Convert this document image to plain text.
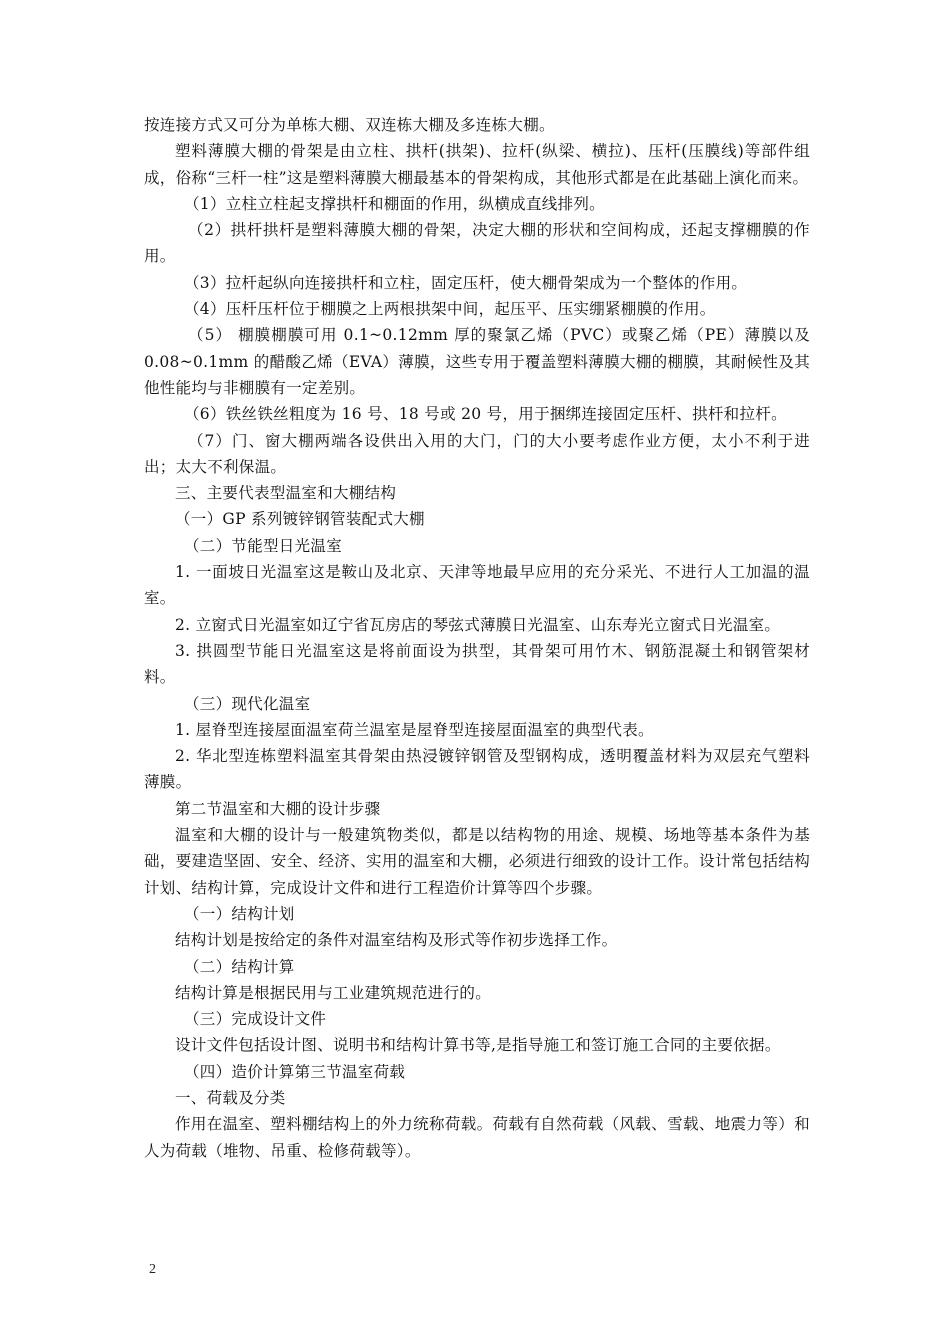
按连接方式又可分为单栋大棚、双连栋大棚及多连栋大棚。

塑料薄膜大棚的骨架是由立柱、拱杆(拱架)、拉杆(纵梁、横拉)、压杆(压膜线)等部件组成，俗称“三杆一柱”这是塑料薄膜大棚最基本的骨架构成，其他形式都是在此基础上演化而来。

（1）立柱立柱起支撑拱杆和棚面的作用，纵横成直线排列。

（2）拱杆拱杆是塑料薄膜大棚的骨架，决定大棚的形状和空间构成，还起支撑棚膜的作用。

（3）拉杆起纵向连接拱杆和立柱，固定压杆，使大棚骨架成为一个整体的作用。

（4）压杆压杆位于棚膜之上两根拱架中间，起压平、压实绷紧棚膜的作用。

（5） 棚膜棚膜可用 0.1~0.12mm 厚的聚氯乙烯（PVC）或聚乙烯（PE）薄膜以及 0.08~0.1mm 的醋酸乙烯（EVA）薄膜，这些专用于覆盖塑料薄膜大棚的棚膜，其耐候性及其他性能均与非棚膜有一定差别。

（6）铁丝铁丝粗度为 16 号、18 号或 20 号，用于捆绑连接固定压杆、拱杆和拉杆。

（7）门、窗大棚两端各设供出入用的大门，门的大小要考虑作业方便，太小不利于进出；太大不利保温。

三、主要代表型温室和大棚结构

（一）GP 系列镀锌钢管装配式大棚

（二）节能型日光温室

1. 一面坡日光温室这是鞍山及北京、天津等地最早应用的充分采光、不进行人工加温的温室。

2. 立窗式日光温室如辽宁省瓦房店的琴弦式薄膜日光温室、山东寿光立窗式日光温室。

3. 拱圆型节能日光温室这是将前面设为拱型，其骨架可用竹木、钢筋混凝土和钢管架材料。

（三）现代化温室

1. 屋脊型连接屋面温室荷兰温室是屋脊型连接屋面温室的典型代表。

2. 华北型连栋塑料温室其骨架由热浸镀锌钢管及型钢构成，透明覆盖材料为双层充气塑料薄膜。

第二节温室和大棚的设计步骤

温室和大棚的设计与一般建筑物类似，都是以结构物的用途、规模、场地等基本条件为基础，要建造坚固、安全、经济、实用的温室和大棚，必须进行细致的设计工作。设计常包括结构计划、结构计算，完成设计文件和进行工程造价计算等四个步骤。

（一）结构计划

结构计划是按给定的条件对温室结构及形式等作初步选择工作。

（二）结构计算

结构计算是根据民用与工业建筑规范进行的。

（三）完成设计文件

设计文件包括设计图、说明书和结构计算书等,是指导施工和签订施工合同的主要依据。

（四）造价计算第三节温室荷载

一、荷载及分类

作用在温室、塑料棚结构上的外力统称荷载。荷载有自然荷载（风载、雪载、地震力等）和人为荷载（堆物、吊重、检修荷载等）。

2
